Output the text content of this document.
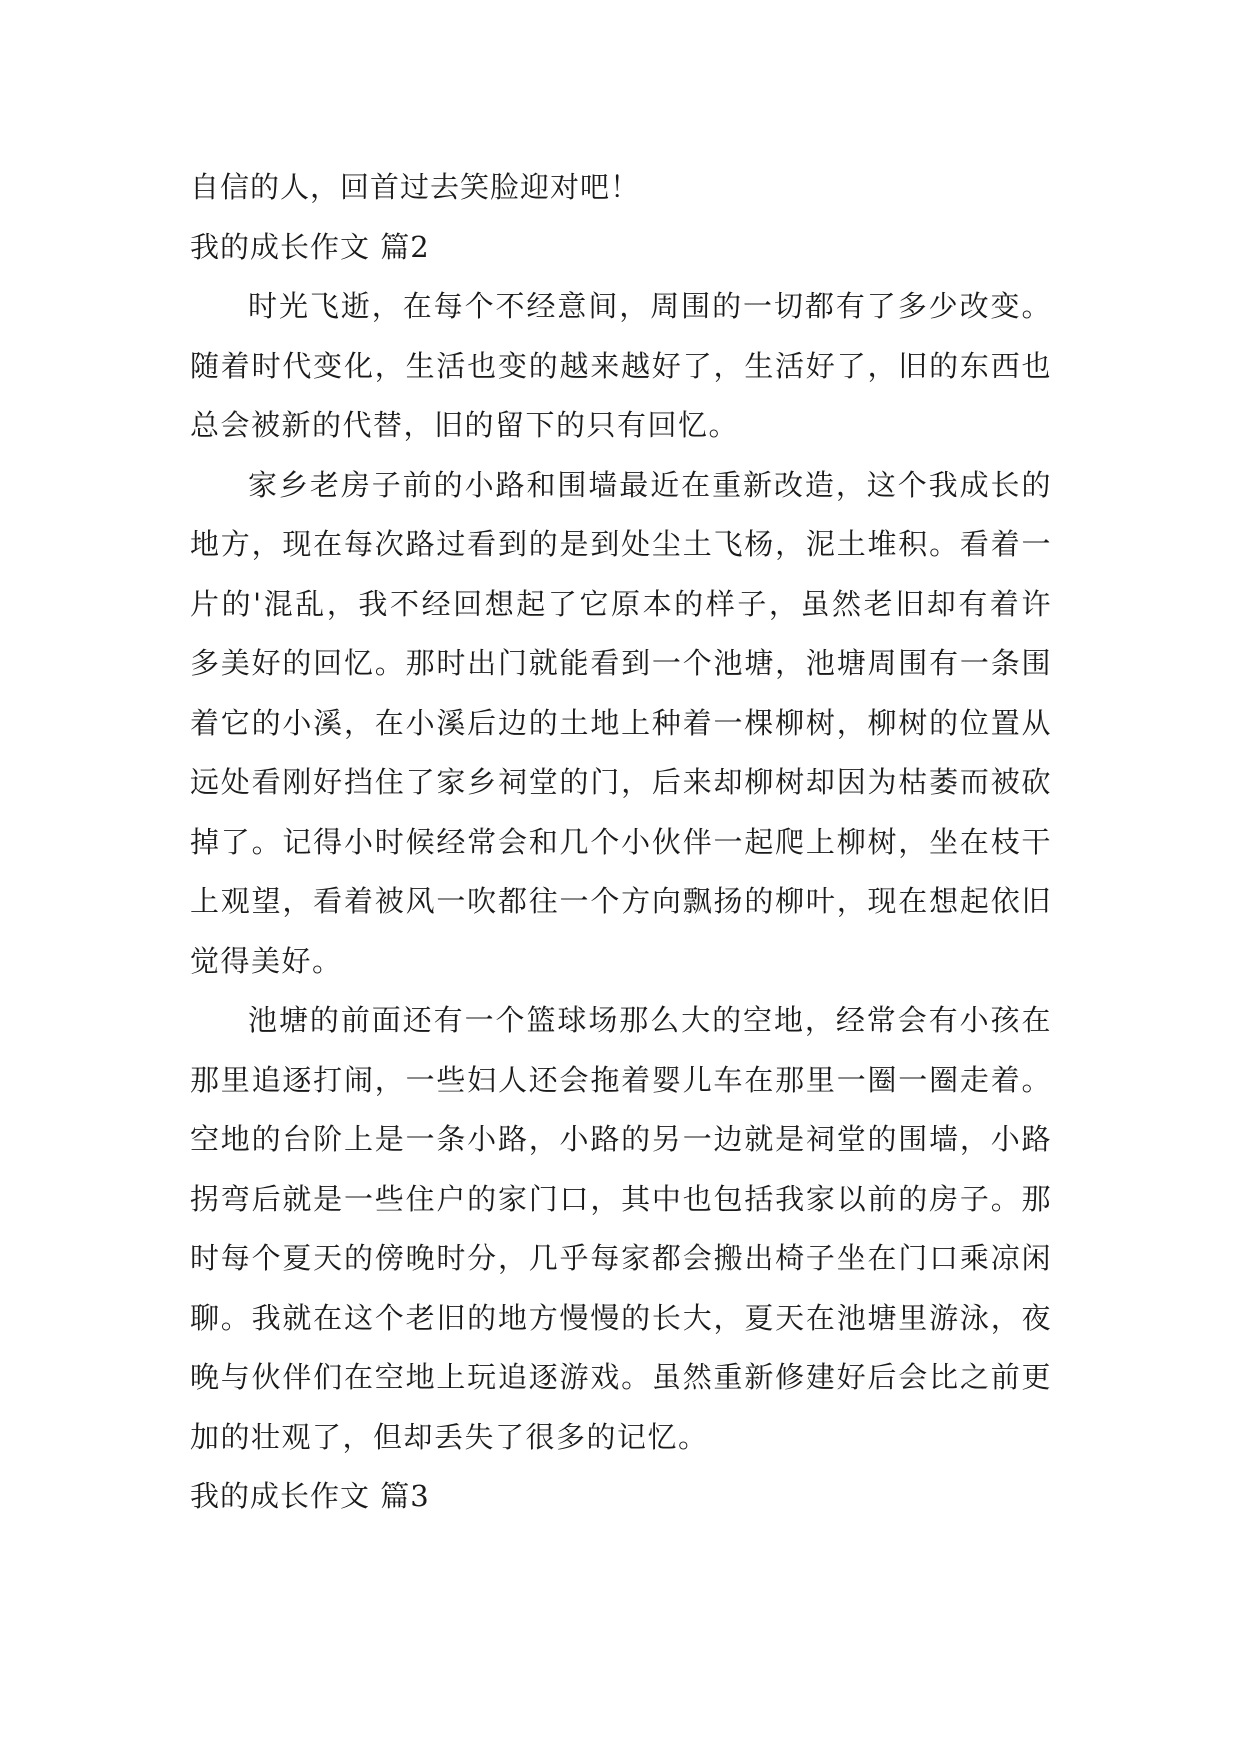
自信的人，回首过去笑脸迎对吧！
我的成长作文 篇2

时光飞逝，在每个不经意间，周围的一切都有了多少改变。随着时代变化，生活也变的越来越好了，生活好了，旧的东西也总会被新的代替，旧的留下的只有回忆。

家乡老房子前的小路和围墙最近在重新改造，这个我成长的地方，现在每次路过看到的是到处尘土飞杨，泥土堆积。看着一片的'混乱，我不经回想起了它原本的样子，虽然老旧却有着许多美好的回忆。那时出门就能看到一个池塘，池塘周围有一条围着它的小溪，在小溪后边的土地上种着一棵柳树，柳树的位置从远处看刚好挡住了家乡祠堂的门，后来却柳树却因为枯萎而被砍掉了。记得小时候经常会和几个小伙伴一起爬上柳树，坐在枝干上观望，看着被风一吹都往一个方向飘扬的柳叶，现在想起依旧觉得美好。

池塘的前面还有一个篮球场那么大的空地，经常会有小孩在那里追逐打闹，一些妇人还会拖着婴儿车在那里一圈一圈走着。空地的台阶上是一条小路，小路的另一边就是祠堂的围墙，小路拐弯后就是一些住户的家门口，其中也包括我家以前的房子。那时每个夏天的傍晚时分，几乎每家都会搬出椅子坐在门口乘凉闲聊。我就在这个老旧的地方慢慢的长大，夏天在池塘里游泳，夜晚与伙伴们在空地上玩追逐游戏。虽然重新修建好后会比之前更加的壮观了，但却丢失了很多的记忆。

我的成长作文 篇3
